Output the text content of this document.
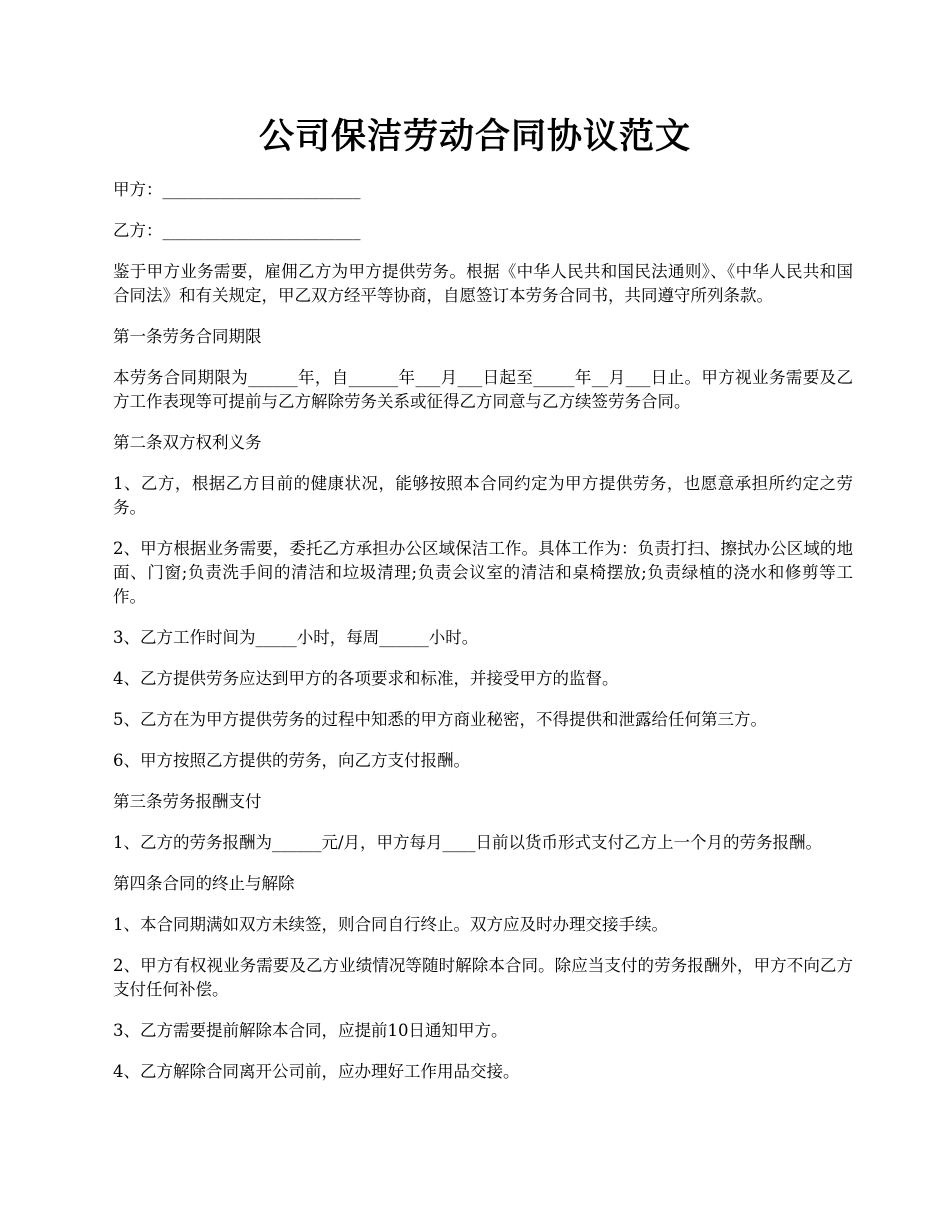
公司保洁劳动合同协议范文

甲方：________________________

乙方：________________________

鉴于甲方业务需要，雇佣乙方为甲方提供劳务。根据《中华人民共和国民法通则》、《中华人民共和国合同法》和有关规定，甲乙双方经平等协商，自愿签订本劳务合同书，共同遵守所列条款。

第一条劳务合同期限

本劳务合同期限为______年，自______年___月___日起至_____年__月___日止。甲方视业务需要及乙方工作表现等可提前与乙方解除劳务关系或征得乙方同意与乙方续签劳务合同。

第二条双方权利义务

1、乙方，根据乙方目前的健康状况，能够按照本合同约定为甲方提供劳务，也愿意承担所约定之劳务。

2、甲方根据业务需要，委托乙方承担办公区域保洁工作。具体工作为：负责打扫、擦拭办公区域的地面、门窗;负责洗手间的清洁和垃圾清理;负责会议室的清洁和桌椅摆放;负责绿植的浇水和修剪等工作。

3、乙方工作时间为_____小时，每周______小时。

4、乙方提供劳务应达到甲方的各项要求和标准，并接受甲方的监督。

5、乙方在为甲方提供劳务的过程中知悉的甲方商业秘密，不得提供和泄露给任何第三方。

6、甲方按照乙方提供的劳务，向乙方支付报酬。

第三条劳务报酬支付

1、乙方的劳务报酬为______元/月，甲方每月____日前以货币形式支付乙方上一个月的劳务报酬。

第四条合同的终止与解除

1、本合同期满如双方未续签，则合同自行终止。双方应及时办理交接手续。

2、甲方有权视业务需要及乙方业绩情况等随时解除本合同。除应当支付的劳务报酬外，甲方不向乙方支付任何补偿。

3、乙方需要提前解除本合同，应提前10日通知甲方。

4、乙方解除合同离开公司前，应办理好工作用品交接。
